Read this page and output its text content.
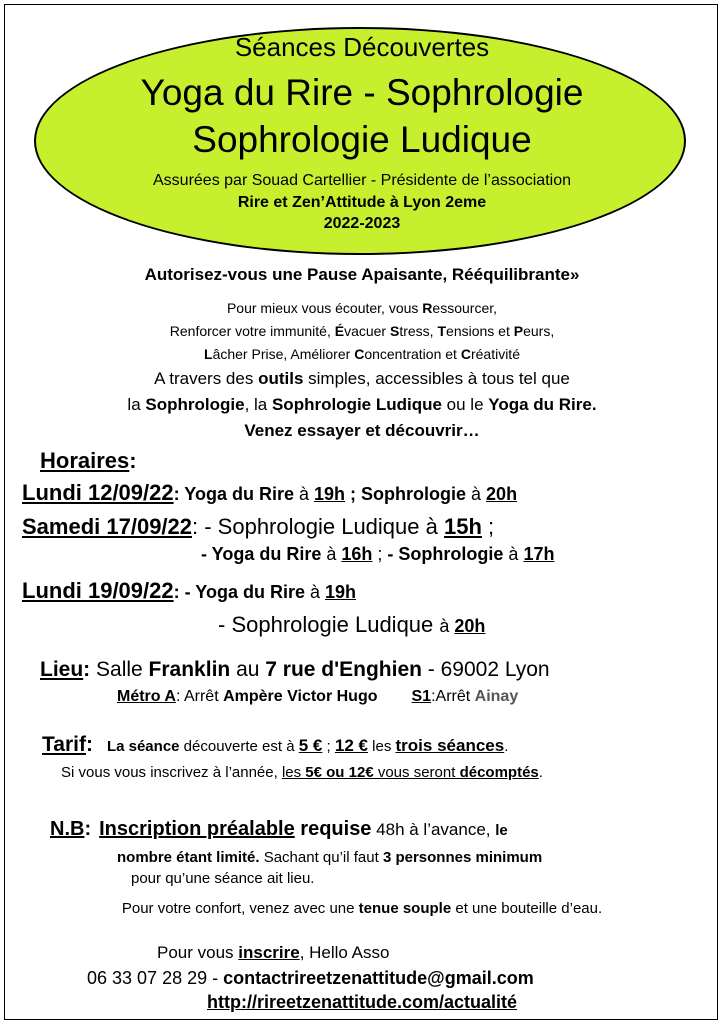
Séances Découvertes
Yoga du Rire - Sophrologie
Sophrologie Ludique
Assurées par Souad Cartellier - Présidente de l’association
Rire et Zen’Attitude à Lyon 2eme
2022-2023
Autorisez-vous une Pause Apaisante, Rééquilibrante»
Pour mieux vous écouter, vous Ressourcer,
Renforcer votre immunité, Évacuer Stress, Tensions et Peurs,
Lâcher Prise, Améliorer Concentration et Créativité
A travers des outils simples, accessibles à tous tel que
la Sophrologie, la Sophrologie Ludique ou le Yoga du Rire.
Venez essayer et découvrir…
Horaires:
Lundi 12/09/22: Yoga du Rire à 19h ; Sophrologie à 20h
Samedi 17/09/22: - Sophrologie Ludique à 15h ;
- Yoga du Rire à 16h ; - Sophrologie à 17h
Lundi 19/09/22: - Yoga du Rire à 19h
- Sophrologie Ludique à 20h
Lieu: Salle Franklin au 7 rue d'Enghien - 69002 Lyon
Métro A: Arrêt Ampère Victor Hugo S1:Arrêt Ainay
Tarif: La séance découverte est à 5 € ; 12 € les trois séances.
Si vous vous inscrivez à l’année, les 5€ ou 12€ vous seront décomptés.
N.B: Inscription préalable requise 48h à l’avance, le
nombre étant limité. Sachant qu’il faut 3 personnes minimum
pour qu’une séance ait lieu.
Pour votre confort, venez avec une tenue souple et une bouteille d’eau.
Pour vous inscrire, Hello Asso
06 33 07 28 29 - contactrireetzenattitude@gmail.com
http://rireetzenattitude.com/actualité
